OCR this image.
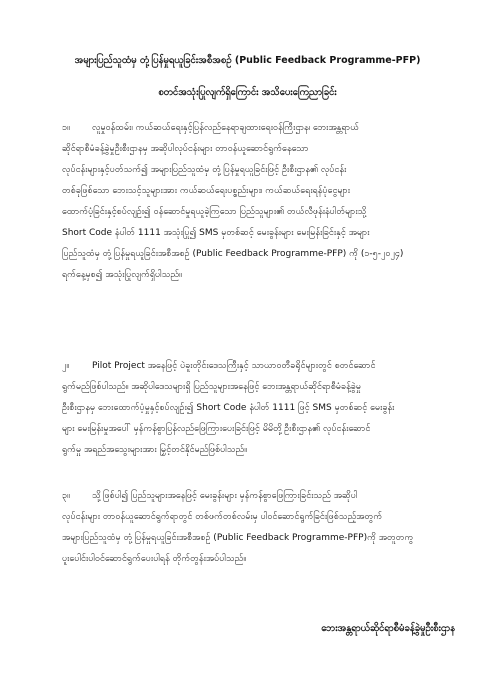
အများပြည်သူထံမှ တုံ့ပြန်မှုရယူခြင်းအစီအစဉ် (Public Feedback Programme-PFP)
စတင်အသုံးပြုလျက်ရှိကြောင်း အသိပေးကြေညာခြင်း
၁။ လူမှုဝန်ထမ်း၊ ကယ်ဆယ်ရေးနှင့်ပြန်လည်နေရာချထားရေးဝန်ကြီးဌာန၊ ဘေးအန္တရာယ်
ဆိုင်ရာစီမံခန့်ခွဲမှုဦးစီးဌာနမှ အဆိုပါလုပ်ငန်းများ တာဝန်ယူဆောင်ရွက်နေသော
လုပ်ငန်းများနှင့်ပတ်သက်၍ အများပြည်သူထံမှ တုံ့ပြန်မှုရယူခြင်းဖြင့် ဦးစီးဌာန၏ လုပ်ငန်း
တစ်ခုဖြစ်သော ဘေးသင့်သူများအား ကယ်ဆယ်ရေးပစ္စည်းများ၊ ကယ်ဆယ်ရေးရန်ပုံငွေများ
ထောက်ပံ့ခြင်းနှင့်စပ်လျဉ်း၍ ဝန်ဆောင်မှုရယူခဲ့ကြသော ပြည်သူများ၏ တယ်လီဖုန်းနံပါတ်များသို့
Short Code နံပါတ် 1111 အသုံးပြု၍ SMS မှတစ်ဆင့် မေးခွန်းများ မေးမြန်းခြင်းနှင့် အများ
ပြည်သူထံမှ တုံ့ပြန်မှုရယူခြင်းအစီအစဉ် (Public Feedback Programme-PFP) ကို (၁-၅-၂၀၂၄)
ရက်နေ့မှစ၍ အသုံးပြုလျက်ရှိပါသည်။
၂။	Pilot Project အနေဖြင့် ပဲခူးတိုင်းဒေသကြီးနှင့် သာယာဝတီခရိုင်များတွင် စတင်ဆောင်
ရွက်မည်ဖြစ်ပါသည်။ အဆိုပါဒေသများရှိ ပြည်သူများအနေဖြင့် ဘေးအန္တရာယ်ဆိုင်ရာစီမံခန့်ခွဲမှု
ဦးစီးဌာနမှ ဘေးထောက်ပံ့မှုနှင့်စပ်လျဉ်း၍ Short Code နံပါတ် 1111 ဖြင့် SMS မှတစ်ဆင့် မေးခွန်း
များ မေးမြန်းမှုအပေါ် မှန်ကန်စွာပြန်လည်ဖြေကြားပေးခြင်းဖြင့် မိမိတို့ဦးစီးဌာန၏ လုပ်ငန်းဆောင်
ရွက်မှု အရည်အသွေးများအား မြှင့်တင်နိုင်မည်ဖြစ်ပါသည်။
၃။ သို့ဖြစ်ပါ၍ ပြည်သူများအနေဖြင့် မေးခွန်းများ မှန်ကန်စွာဖြေကြားခြင်းသည် အဆိုပါ
လုပ်ငန်းများ တာဝန်ယူဆောင်ရွက်ရာတွင် တစ်ဖက်တစ်လမ်းမှ ပါဝင်ဆောင်ရွက်ခြင်းဖြစ်သည့်အတွက်
အများပြည်သူထံမှ တုံ့ပြန်မှုရယူခြင်းအစီအစဉ် (Public Feedback Programme-PFP)ကို အတူတကွ
ပူးပေါင်းပါဝင်ဆောင်ရွက်ပေးပါရန် တိုက်တွန်းအပ်ပါသည်။
ဘေးအန္တရာယ်ဆိုင်ရာစီမံခန့်ခွဲမှုဦးစီးဌာန
